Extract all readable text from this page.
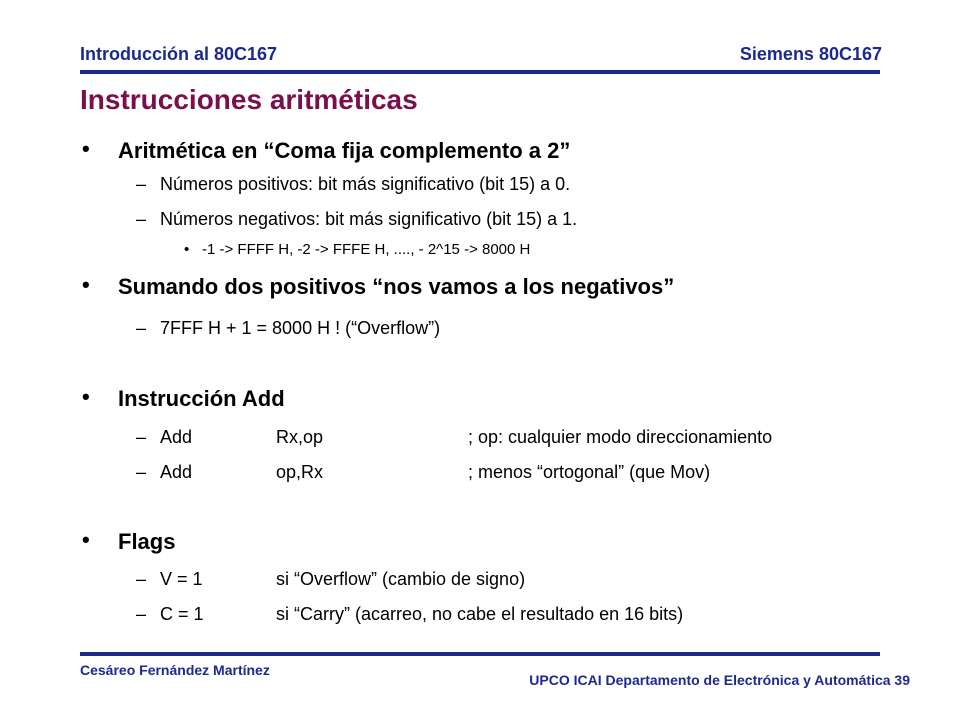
Introducción al 80C167	Siemens 80C167
Instrucciones aritméticas
• Aritmética en “Coma fija complemento a 2”
– Números positivos: bit más significativo (bit 15) a 0.
– Números negativos: bit más significativo (bit 15) a 1.
• -1 -> FFFF H, -2 -> FFFE H, ...., - 2^15 -> 8000 H
• Sumando dos positivos “nos vamos a los negativos”
– 7FFF H + 1 = 8000 H ! (“Overflow”)
• Instrucción Add
– Add	Rx,op	; op: cualquier modo direccionamiento
– Add	op,Rx	; menos “ortogonal” (que Mov)
• Flags
– V = 1	si “Overflow” (cambio de signo)
– C = 1	si “Carry” (acarreo, no cabe el resultado en 16 bits)
Cesáreo Fernández Martínez
UPCO ICAI Departamento de Electrónica y Automática 39
